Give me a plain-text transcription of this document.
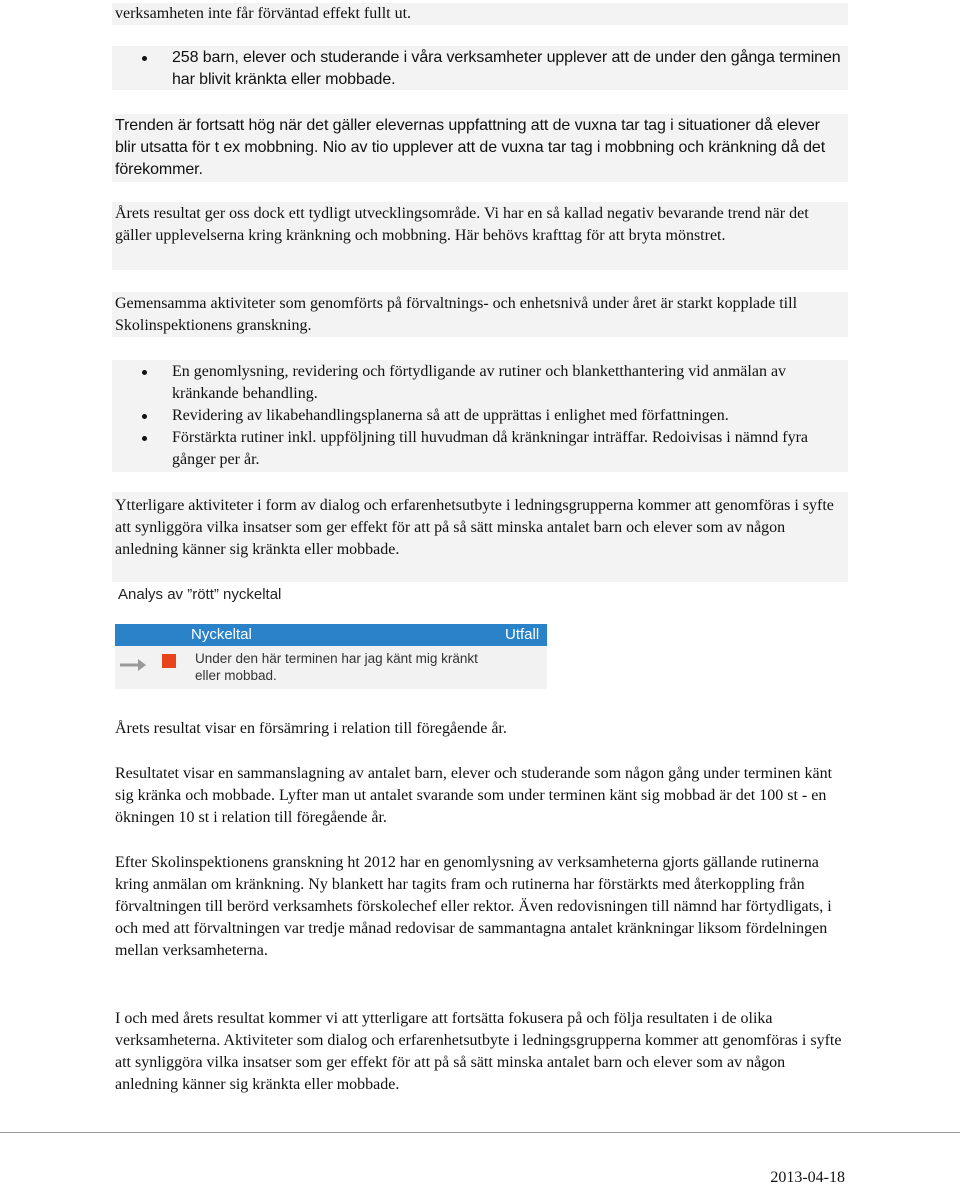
verksamheten inte får förväntad effekt fullt ut.

258 barn, elever och studerande i våra verksamheter upplever att de under den gånga terminen har blivit kränkta eller mobbade.

Trenden är fortsatt hög när det gäller elevernas uppfattning att de vuxna tar tag i situationer då elever blir utsatta för t ex mobbning. Nio av tio upplever att de vuxna tar tag i mobbning och kränkning då det förekommer.

Årets resultat ger oss dock ett tydligt utvecklingsområde. Vi har en så kallad negativ bevarande trend när det gäller upplevelserna kring kränkning och mobbning. Här behövs krafttag för att bryta mönstret.

Gemensamma aktiviteter som genomförts på förvaltnings- och enhetsnivå under året är starkt kopplade till Skolinspektionens granskning.

En genomlysning, revidering och förtydligande av rutiner och blanketthantering vid anmälan av kränkande behandling.
Revidering av likabehandlingsplanerna så att de upprättas i enlighet med författningen.
Förstärkta rutiner inkl. uppföljning till huvudman då kränkningar inträffar. Redoivisas i nämnd fyra gånger per år.

Ytterligare aktiviteter i form av dialog och erfarenhetsutbyte i ledningsgrupperna kommer att genomföras i syfte att synliggöra vilka insatser som ger effekt för att på så sätt minska antalet barn och elever som av någon anledning känner sig kränkta eller mobbade.

Analys av ”rött” nyckeltal
Nyckeltal	Utfall
Under den här terminen har jag känt mig kränkt eller mobbad.

Årets resultat visar en försämring i relation till föregående år.

Resultatet visar en sammanslagning av antalet barn, elever och studerande som någon gång under terminen känt sig kränka och mobbade. Lyfter man ut antalet svarande som under terminen känt sig mobbad är det 100 st - en ökningen 10 st i relation till föregående år.

Efter Skolinspektionens granskning ht 2012 har en genomlysning av verksamheterna gjorts gällande rutinerna kring anmälan om kränkning. Ny blankett har tagits fram och rutinerna har förstärkts med återkoppling från förvaltningen till berörd verksamhets förskolechef eller rektor. Även redovisningen till nämnd har förtydligats, i och med att förvaltningen var tredje månad redovisar de sammantagna antalet kränkningar liksom fördelningen mellan verksamheterna.

I och med årets resultat kommer vi att ytterligare att fortsätta fokusera på och följa resultaten i de olika verksamheterna. Aktiviteter som dialog och erfarenhetsutbyte i ledningsgrupperna kommer att genomföras i syfte att synliggöra vilka insatser som ger effekt för att på så sätt minska antalet barn och elever som av någon anledning känner sig kränkta eller mobbade.

2013-04-18
